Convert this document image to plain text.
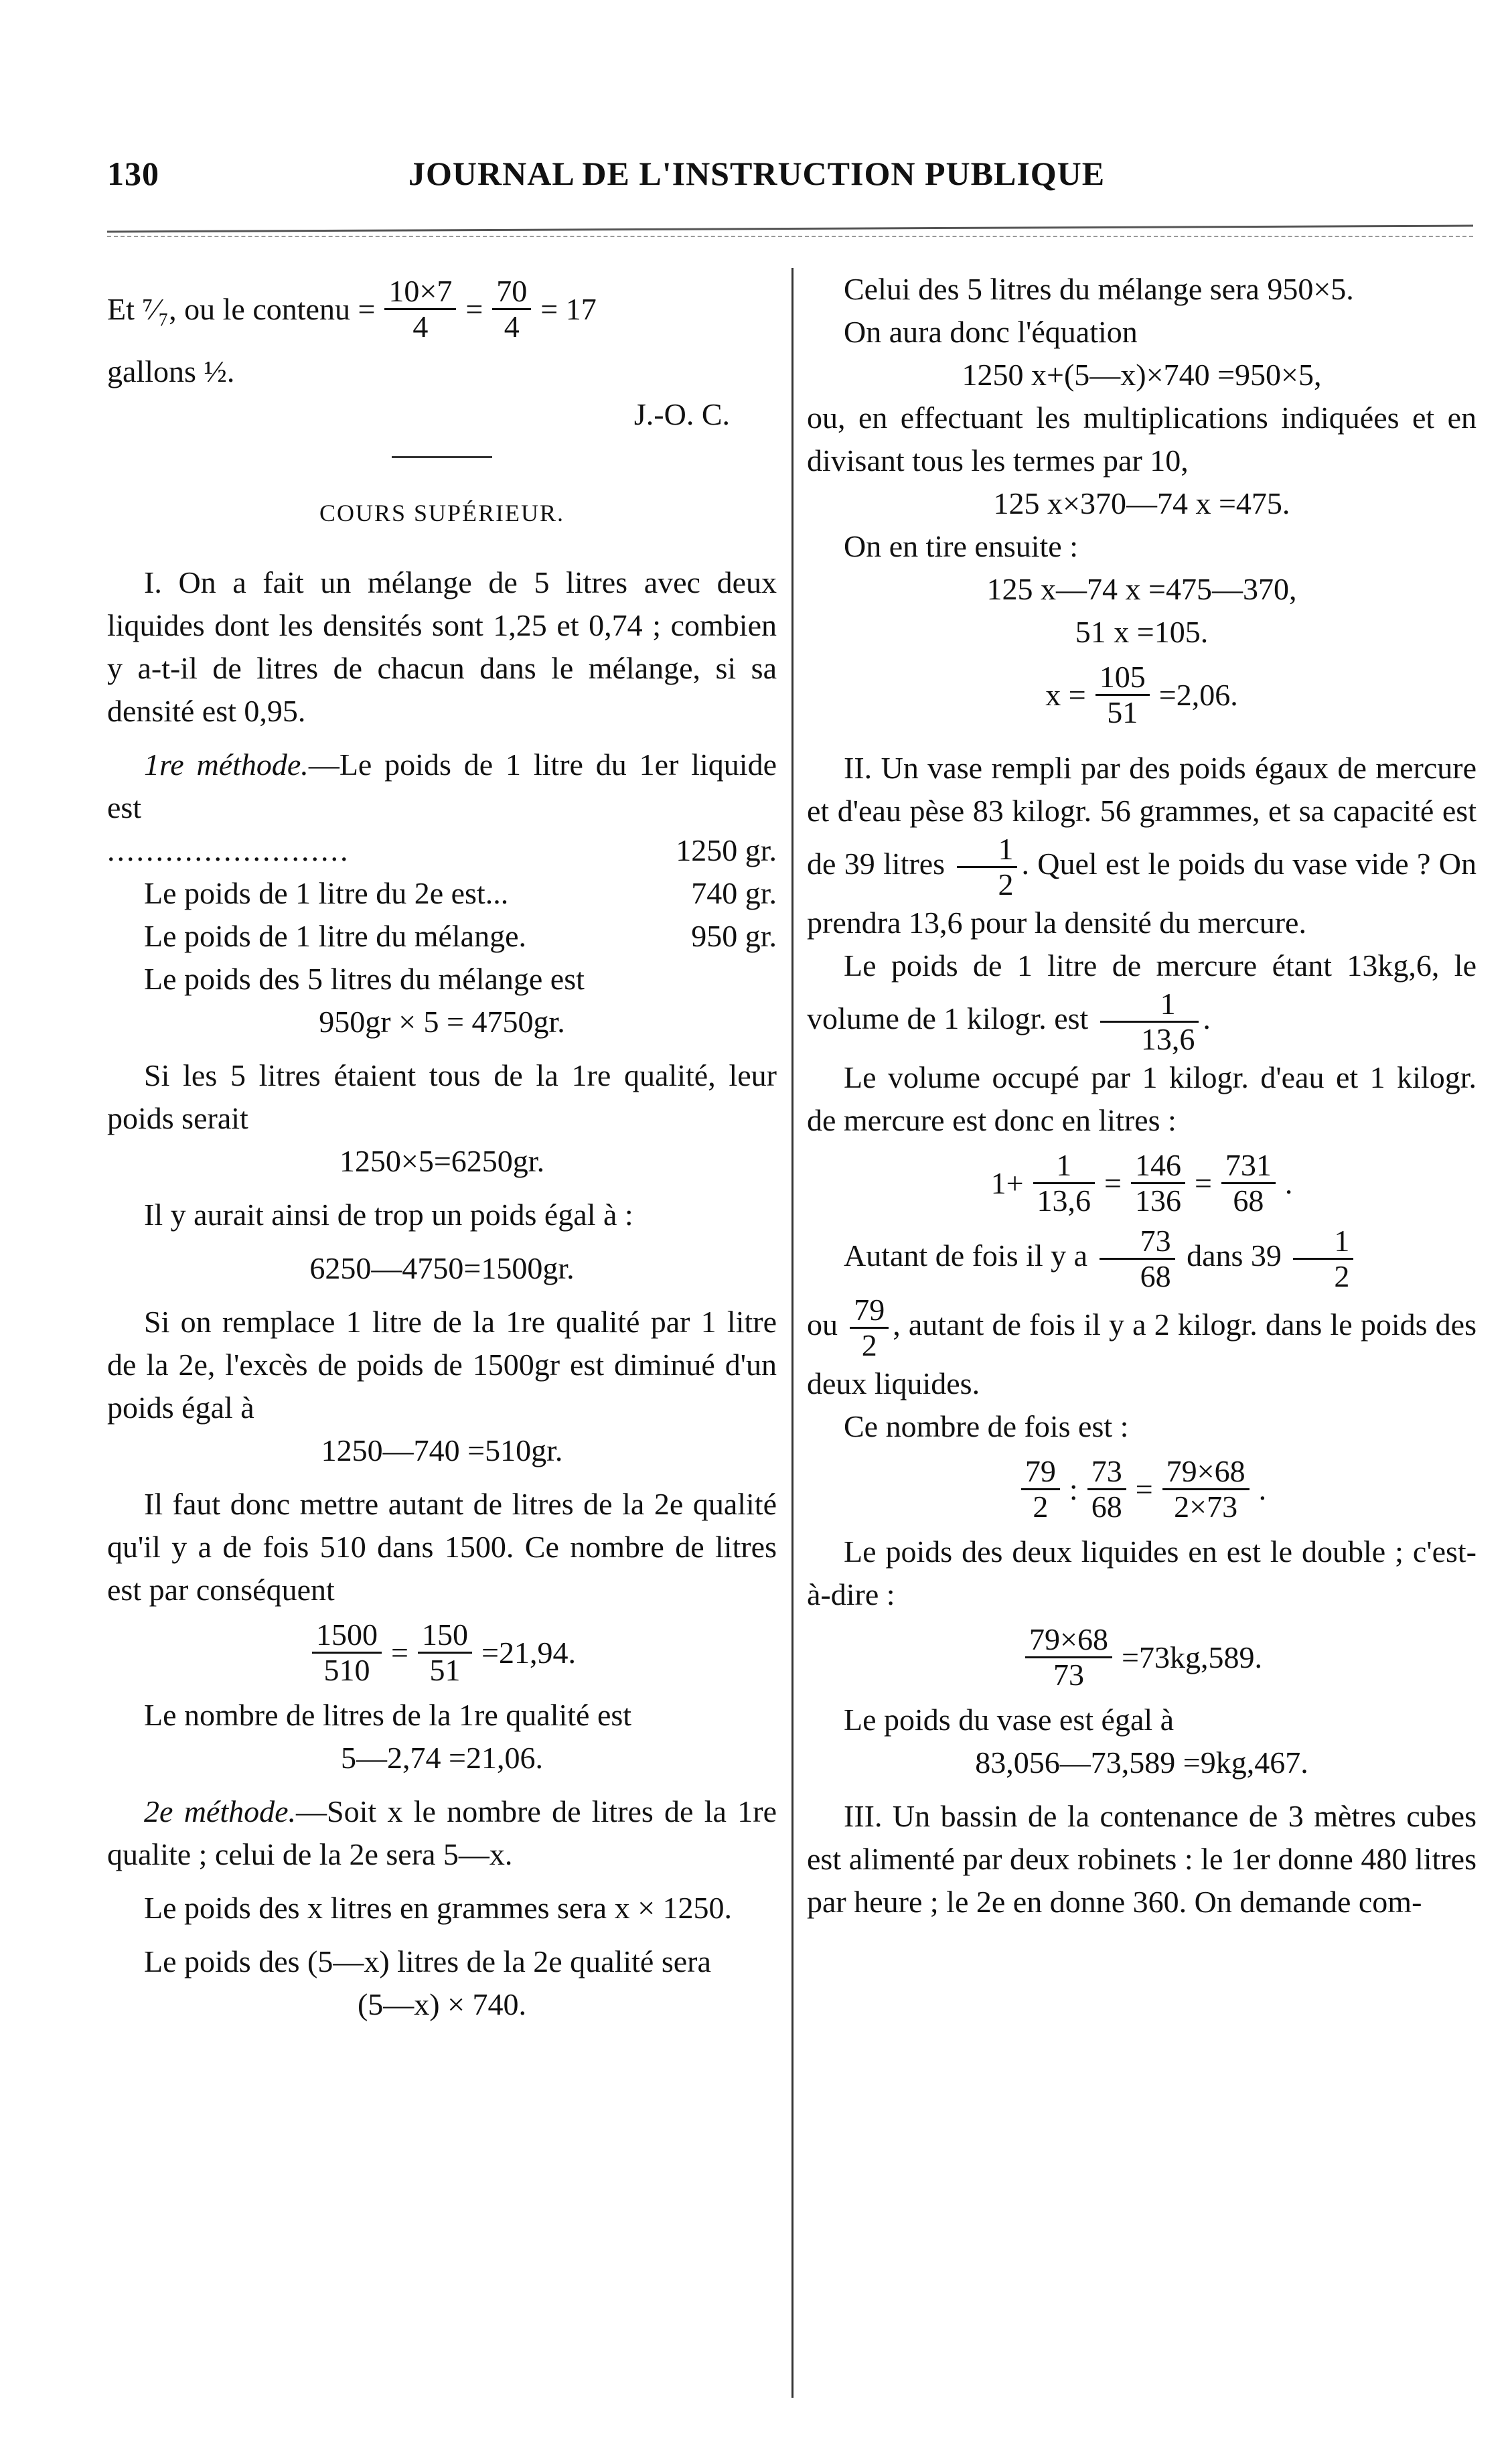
130	JOURNAL DE L'INSTRUCTION PUBLIQUE
Et ⁷⁄₇, ou le contenu = $\frac{10\times 7}{4} = \frac{70}{4} = 17$

gallons ½.

J.-O. C.

COURS SUPÉRIEUR.

I. On a fait un mélange de 5 litres avec deux liquides dont les densités sont 1,25 et 0,74 ; combien y a-t-il de litres de chacun dans le mélange, si sa densité est 0,95.

1re méthode.—Le poids de 1 litre du 1er liquide est

.........................	1250 gr.
Le poids de 1 litre du 2e est...	740 gr.
Le poids de 1 litre du mélange.	950 gr.

Le poids des 5 litres du mélange est

950gr × 5 = 4750gr.

Si les 5 litres étaient tous de la 1re qualité, leur poids serait

1250×5=6250gr.

Il y aurait ainsi de trop un poids égal à :

6250—4750=1500gr.

Si on remplace 1 litre de la 1re qualité par 1 litre de la 2e, l'excès de poids de 1500gr est diminué d'un poids égal à

1250—740 =510gr.

Il faut donc mettre autant de litres de la 2e qualité qu'il y a de fois 510 dans 1500. Ce nombre de litres est par conséquent

$\frac{1500}{510} = \frac{150}{51} =21,94$.

Le nombre de litres de la 1re qualité est

5—2,74 =21,06.

2e méthode.—Soit x le nombre de litres de la 1re qualite ; celui de la 2e sera 5—x.

Le poids des x litres en grammes sera x × 1250.

Le poids des (5—x) litres de la 2e qualité sera

(5—x) × 740.

Celui des 5 litres du mélange sera 950×5.

On aura donc l'équation

1250 x+(5—x)×740 =950×5,

ou, en effectuant les multiplications indiquées et en divisant tous les termes par 10,

125 x×370—74 x =475.

On en tire ensuite :

125 x—74 x =475—370,

51 x =105.

$x = \frac{105}{51} =2,06$.

II. Un vase rempli par des poids égaux de mercure et d'eau pèse 83 kilogr. 56 grammes, et sa capacité est de 39 litres $\frac{1}{2}$ . Quel est le poids du vase vide ? On prendra 13,6 pour la densité du mercure.

Le poids de 1 litre de mercure étant 13kg,6, le volume de 1 kilogr. est $\frac{1}{13,6}$ .

Le volume occupé par 1 kilogr. d'eau et 1 kilogr. de mercure est donc en litres :

$1+ \frac{1}{13,6} = \frac{146}{136} = \frac{731}{68}$ .

Autant de fois il y a $\frac{73}{68}$ dans $39 \frac{1}{2}$

ou $\frac{79}{2}$ , autant de fois il y a 2 kilogr. dans le poids des deux liquides.

Ce nombre de fois est :

$\frac{79}{2}$ : $\frac{73}{68} = \frac{79\times 68}{2\times 73}$ .

Le poids des deux liquides en est le double ; c'est-à-dire :

$\frac{79\times 68}{73} =73kg,589$.

Le poids du vase est égal à

83,056—73,589 =9kg,467.

III. Un bassin de la contenance de 3 mètres cubes est alimenté par deux robinets : le 1er donne 480 litres par heure ; le 2e en donne 360. On demande com-
